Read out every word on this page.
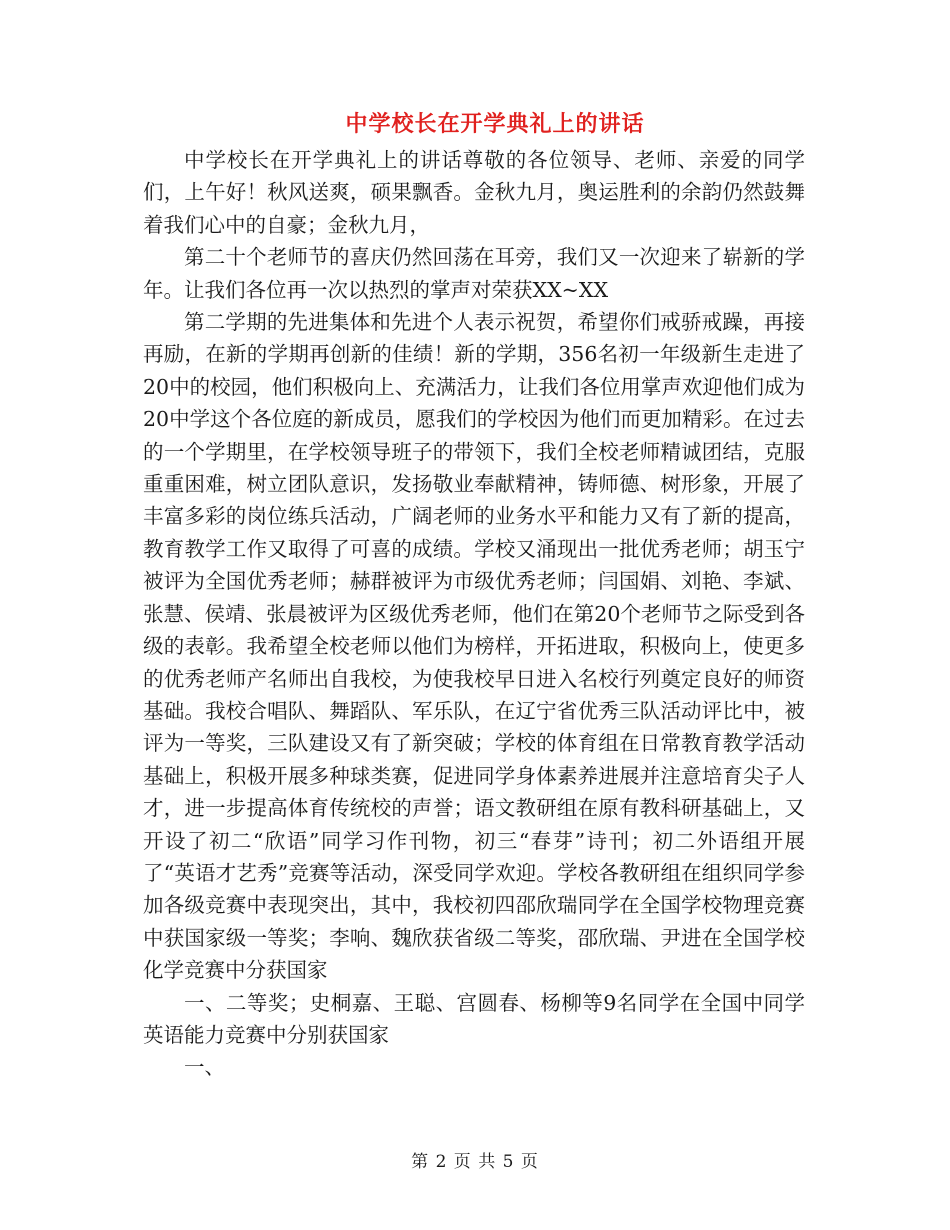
中学校长在开学典礼上的讲话

中学校长在开学典礼上的讲话尊敬的各位领导、老师、亲爱的同学们，上午好！秋风送爽，硕果飘香。金秋九月，奥运胜利的余韵仍然鼓舞着我们心中的自豪；金秋九月，

第二十个老师节的喜庆仍然回荡在耳旁，我们又一次迎来了崭新的学年。让我们各位再一次以热烈的掌声对荣获XX~XX

第二学期的先进集体和先进个人表示祝贺，希望你们戒骄戒躁，再接再励，在新的学期再创新的佳绩！新的学期，356名初一年级新生走进了20中的校园，他们积极向上、充满活力，让我们各位用掌声欢迎他们成为20中学这个各位庭的新成员，愿我们的学校因为他们而更加精彩。在过去的一个学期里，在学校领导班子的带领下，我们全校老师精诚团结，克服重重困难，树立团队意识，发扬敬业奉献精神，铸师德、树形象，开展了丰富多彩的岗位练兵活动，广阔老师的业务水平和能力又有了新的提高，教育教学工作又取得了可喜的成绩。学校又涌现出一批优秀老师；胡玉宁被评为全国优秀老师；赫群被评为市级优秀老师；闫国娟、刘艳、李斌、张慧、侯靖、张晨被评为区级优秀老师，他们在第20个老师节之际受到各级的表彰。我希望全校老师以他们为榜样，开拓进取，积极向上，使更多的优秀老师产名师出自我校，为使我校早日进入名校行列奠定良好的师资基础。我校合唱队、舞蹈队、军乐队，在辽宁省优秀三队活动评比中，被评为一等奖，三队建设又有了新突破；学校的体育组在日常教育教学活动基础上，积极开展多种球类赛，促进同学身体素养进展并注意培育尖子人才，进一步提高体育传统校的声誉；语文教研组在原有教科研基础上，又开设了初二“欣语”同学习作刊物，初三“春芽”诗刊；初二外语组开展了“英语才艺秀”竞赛等活动，深受同学欢迎。学校各教研组在组织同学参加各级竞赛中表现突出，其中，我校初四邵欣瑞同学在全国学校物理竞赛中获国家级一等奖；李响、魏欣获省级二等奖，邵欣瑞、尹进在全国学校化学竞赛中分获国家

一、二等奖；史桐嘉、王聪、宫圆春、杨柳等9名同学在全国中同学英语能力竞赛中分别获国家

一、

第 2 页 共 5 页
